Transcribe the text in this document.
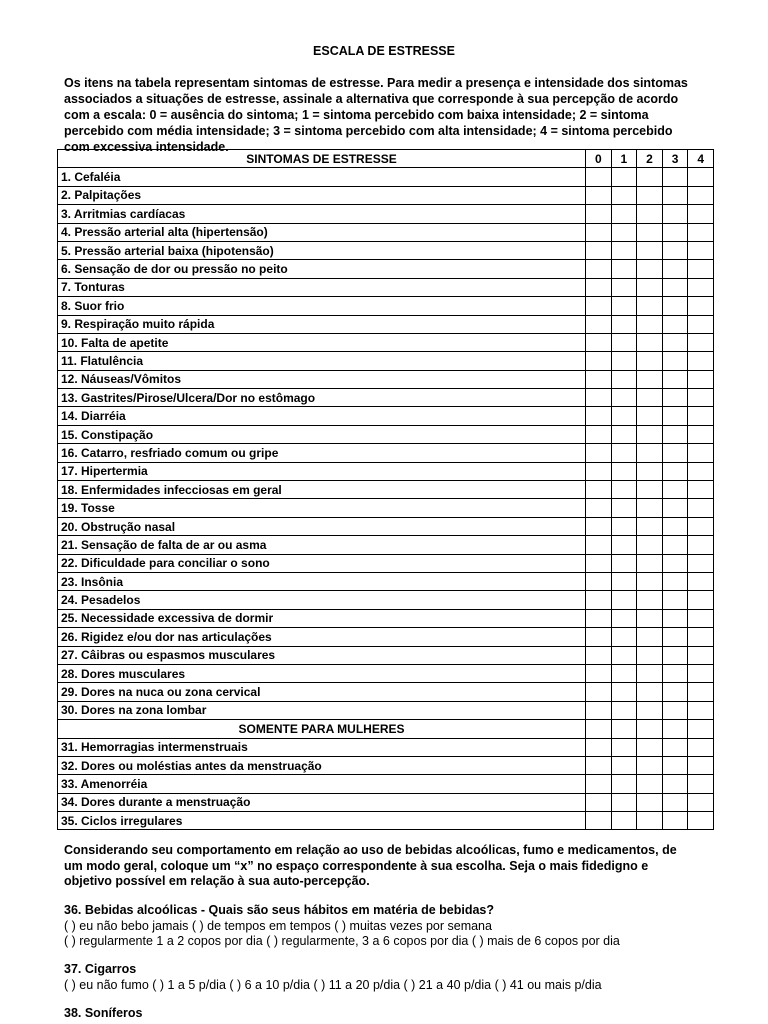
ESCALA DE ESTRESSE
Os itens na tabela representam sintomas de estresse. Para medir a presença e intensidade dos sintomas
associados a situações de estresse, assinale a alternativa que corresponde à sua percepção de acordo
com a escala: 0 = ausência do sintoma; 1 = sintoma percebido com baixa intensidade; 2 = sintoma
percebido com média intensidade; 3 = sintoma percebido com alta intensidade; 4 = sintoma percebido
com excessiva intensidade.
SINTOMAS DE ESTRESSE	0	1	2	3	4
1. Cefaléia					
2. Palpitações					
3. Arritmias cardíacas					
4. Pressão arterial alta (hipertensão)					
5. Pressão arterial baixa (hipotensão)					
6. Sensação de dor ou pressão no peito					
7. Tonturas					
8. Suor frio					
9. Respiração muito rápida					
10. Falta de apetite					
11. Flatulência					
12. Náuseas/Vômitos					
13. Gastrites/Pirose/Ulcera/Dor no estômago					
14. Diarréia					
15. Constipação					
16. Catarro, resfriado comum ou gripe					
17. Hipertermia					
18. Enfermidades infecciosas em geral					
19. Tosse					
20. Obstrução nasal					
21. Sensação de falta de ar ou asma					
22. Dificuldade para conciliar o sono					
23. Insônia					
24. Pesadelos					
25. Necessidade excessiva de dormir					
26. Rigidez e/ou dor nas articulações					
27. Câibras ou espasmos musculares					
28. Dores musculares					
29. Dores na nuca ou zona cervical					
30. Dores na zona lombar					
SOMENTE PARA MULHERES					
31. Hemorragias intermenstruais					
32. Dores ou moléstias antes da menstruação					
33. Amenorréia					
34. Dores durante a menstruação					
35. Ciclos irregulares					
Considerando seu comportamento em relação ao uso de bebidas alcoólicas, fumo e medicamentos, de
um modo geral, coloque um “x” no espaço correspondente à sua escolha. Seja o mais fidedigno e
objetivo possível em relação à sua auto-percepção.
36. Bebidas alcoólicas - Quais são seus hábitos em matéria de bebidas?
( ) eu não bebo jamais ( ) de tempos em tempos ( ) muitas vezes por semana
( ) regularmente 1 a 2 copos por dia ( ) regularmente, 3 a 6 copos por dia ( ) mais de 6 copos por dia
37. Cigarros
( ) eu não fumo ( ) 1 a 5 p/dia ( ) 6 a 10 p/dia ( ) 11 a 20 p/dia ( ) 21 a 40 p/dia ( ) 41 ou mais p/dia
38. Soníferos
